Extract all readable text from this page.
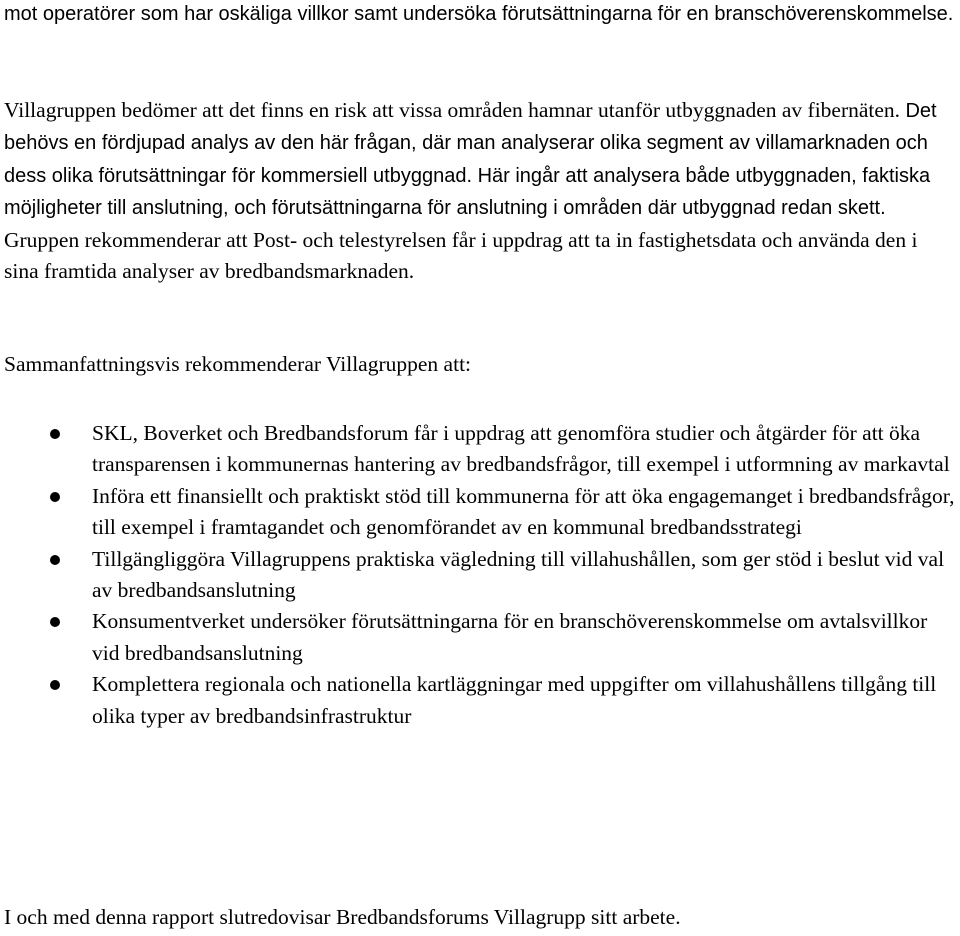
mot operatörer som har oskäliga villkor samt undersöka förutsättningarna för en branschöverenskommelse.

Villagruppen bedömer att det finns en risk att vissa områden hamnar utanför utbyggnaden av fibernäten. Det behövs en fördjupad analys av den här frågan, där man analyserar olika segment av villamarknaden och dess olika förutsättningar för kommersiell utbyggnad. Här ingår att analysera både utbyggnaden, faktiska möjligheter till anslutning, och förutsättningarna för anslutning i områden där utbyggnad redan skett. Gruppen rekommenderar att Post- och telestyrelsen får i uppdrag att ta in fastighetsdata och använda den i sina framtida analyser av bredbandsmarknaden.

Sammanfattningsvis rekommenderar Villagruppen att:

SKL, Boverket och Bredbandsforum får i uppdrag att genomföra studier och åtgärder för att öka transparensen i kommunernas hantering av bredbandsfrågor, till exempel i utformning av markavtal
Införa ett finansiellt och praktiskt stöd till kommunerna för att öka engagemanget i bredbandsfrågor, till exempel i framtagandet och genomförandet av en kommunal bredbandsstrategi
Tillgängliggöra Villagruppens praktiska vägledning till villahushållen, som ger stöd i beslut vid val av bredbandsanslutning
Konsumentverket undersöker förutsättningarna för en branschöverenskommelse om avtalsvillkor vid bredbandsanslutning
Komplettera regionala och nationella kartläggningar med uppgifter om villahushållens tillgång till olika typer av bredbandsinfrastruktur

I och med denna rapport slutredovisar Bredbandsforums Villagrupp sitt arbete.
